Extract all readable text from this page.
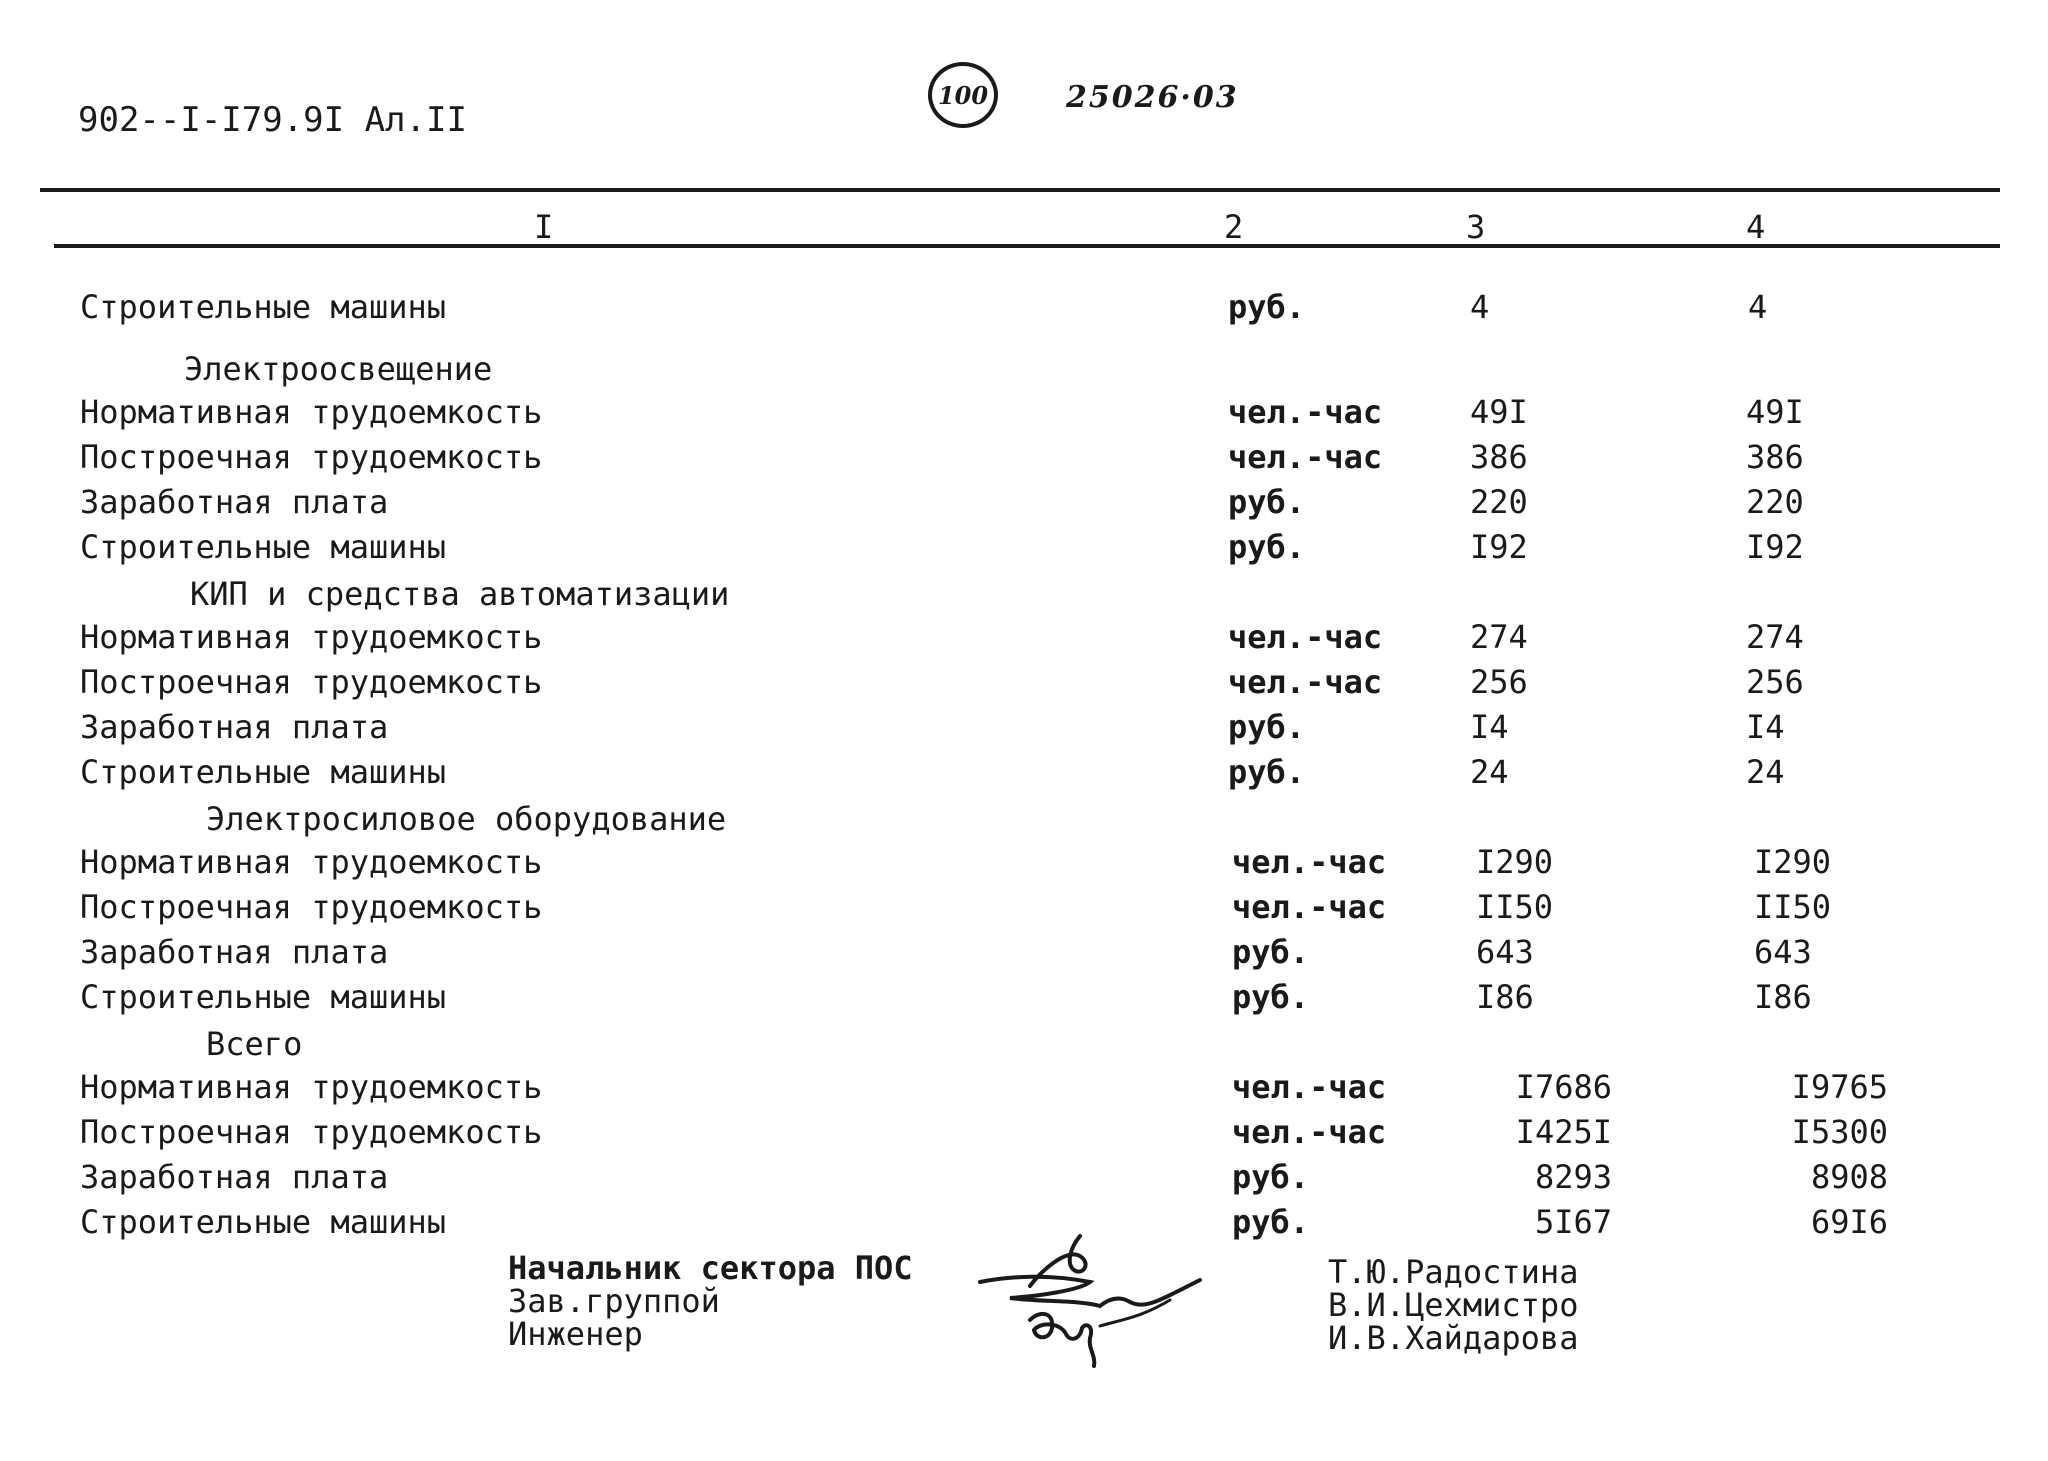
902--I-I79.9I Ал.II
100	25026·03
I	2	3	4
Строительные машины	руб.	4	4
Электроосвещение
Нормативная трудоемкость	чел.-час	49I	49I
Построечная трудоемкость	чел.-час	386	386
Заработная плата	руб.	220	220
Строительные машины	руб.	I92	I92
КИП и средства автоматизации
Нормативная трудоемкость	чел.-час	274	274
Построечная трудоемкость	чел.-час	256	256
Заработная плата	руб.	I4	I4
Строительные машины	руб.	24	24
Электросиловое оборудование
Нормативная трудоемкость	чел.-час	I290	I290
Построечная трудоемкость	чел.-час	II50	II50
Заработная плата	руб.	643	643
Строительные машины	руб.	I86	I86
Всего
Нормативная трудоемкость	чел.-час	I7686	I9765
Построечная трудоемкость	чел.-час	I425I	I5300
Заработная плата	руб.	8293	8908
Строительные машины	руб.	5I67	69I6
Начальник сектора ПОС
Зав.группой
Инженер
Т.Ю.Радостина
В.И.Цехмистро
И.В.Хайдарова
